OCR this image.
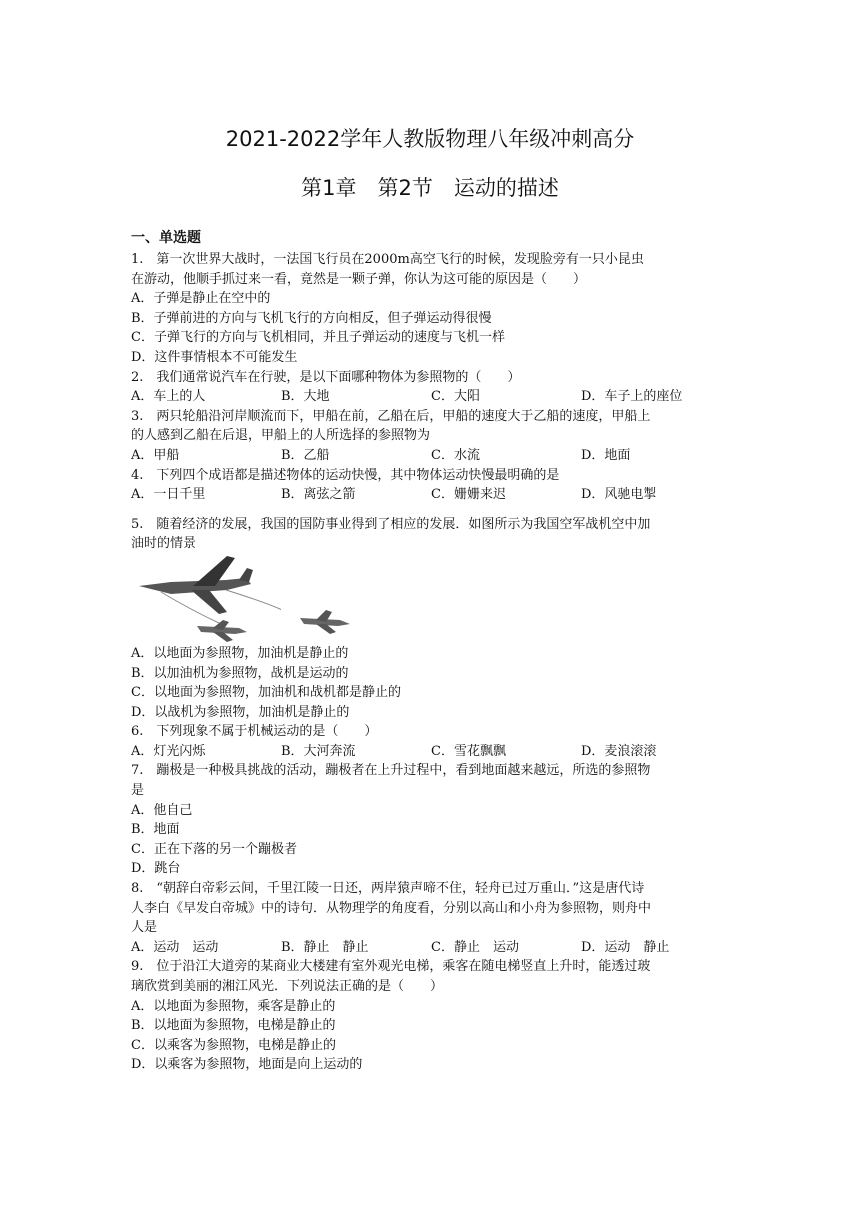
2021-2022学年人教版物理八年级冲刺高分
第1章　第2节　运动的描述
一、单选题
1.　第一次世界大战时，一法国飞行员在2000m高空飞行的时候，发现脸旁有一只小昆虫
在游动，他顺手抓过来一看，竟然是一颗子弹，你认为这可能的原因是（　　）
A．子弹是静止在空中的
B．子弹前进的方向与飞机飞行的方向相反，但子弹运动得很慢
C．子弹飞行的方向与飞机相同，并且子弹运动的速度与飞机一样
D．这件事情根本不可能发生
2.　我们通常说汽车在行驶，是以下面哪种物体为参照物的（　　）
A．车上的人	B．大地	C．大阳	D．车子上的座位
3.　两只轮船沿河岸顺流而下，甲船在前，乙船在后，甲船的速度大于乙船的速度，甲船上
的人感到乙船在后退，甲船上的人所选择的参照物为
A．甲船	B．乙船	C．水流	D．地面
4.　下列四个成语都是描述物体的运动快慢，其中物体运动快慢最明确的是
A．一日千里	B．离弦之箭	C．姗姗来迟	D．风驰电掣
5.　随着经济的发展，我国的国防事业得到了相应的发展．如图所示为我国空军战机空中加
油时的情景
A．以地面为参照物，加油机是静止的
B．以加油机为参照物，战机是运动的
C．以地面为参照物，加油机和战机都是静止的
D．以战机为参照物，加油机是静止的
6.　下列现象不属于机械运动的是（　　）
A．灯光闪烁	B．大河奔流	C．雪花飘飘	D．麦浪滚滚
7.　蹦极是一种极具挑战的活动，蹦极者在上升过程中，看到地面越来越远，所选的参照物
是
A．他自己
B．地面
C．正在下落的另一个蹦极者
D．跳台
8.　“朝辞白帝彩云间，千里江陵一日还，两岸猿声啼不住，轻舟已过万重山．”这是唐代诗
人李白《早发白帝城》中的诗句．从物理学的角度看，分别以高山和小舟为参照物，则舟中
人是
A．运动　运动	B．静止　静止	C．静止　运动	D．运动　静止
9.　位于沿江大道旁的某商业大楼建有室外观光电梯，乘客在随电梯竖直上升时，能透过玻
璃欣赏到美丽的湘江风光．下列说法正确的是（　　）
A．以地面为参照物，乘客是静止的
B．以地面为参照物，电梯是静止的
C．以乘客为参照物，电梯是静止的
D．以乘客为参照物，地面是向上运动的
